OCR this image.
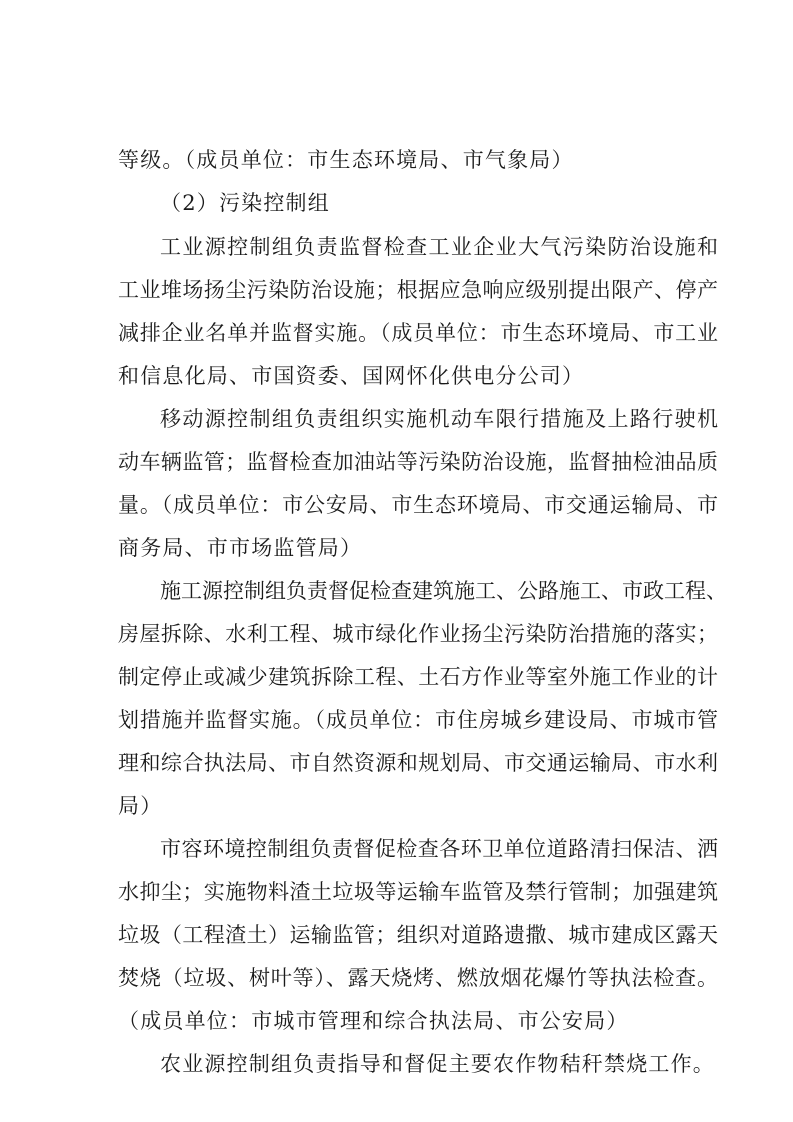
等级。（成员单位：市生态环境局、市气象局）
（2）污染控制组
工业源控制组负责监督检查工业企业大气污染防治设施和
工业堆场扬尘污染防治设施；根据应急响应级别提出限产、停产
减排企业名单并监督实施。（成员单位：市生态环境局、市工业
和信息化局、市国资委、国网怀化供电分公司）
移动源控制组负责组织实施机动车限行措施及上路行驶机
动车辆监管；监督检查加油站等污染防治设施，监督抽检油品质
量。（成员单位：市公安局、市生态环境局、市交通运输局、市
商务局、市市场监管局）
施工源控制组负责督促检查建筑施工、公路施工、市政工程、
房屋拆除、水利工程、城市绿化作业扬尘污染防治措施的落实；
制定停止或减少建筑拆除工程、土石方作业等室外施工作业的计
划措施并监督实施。（成员单位：市住房城乡建设局、市城市管
理和综合执法局、市自然资源和规划局、市交通运输局、市水利
局）
市容环境控制组负责督促检查各环卫单位道路清扫保洁、洒
水抑尘；实施物料渣土垃圾等运输车监管及禁行管制；加强建筑
垃圾（工程渣土）运输监管；组织对道路遗撒、城市建成区露天
焚烧（垃圾、树叶等）、露天烧烤、燃放烟花爆竹等执法检查。
（成员单位：市城市管理和综合执法局、市公安局）
农业源控制组负责指导和督促主要农作物秸秆禁烧工作。
